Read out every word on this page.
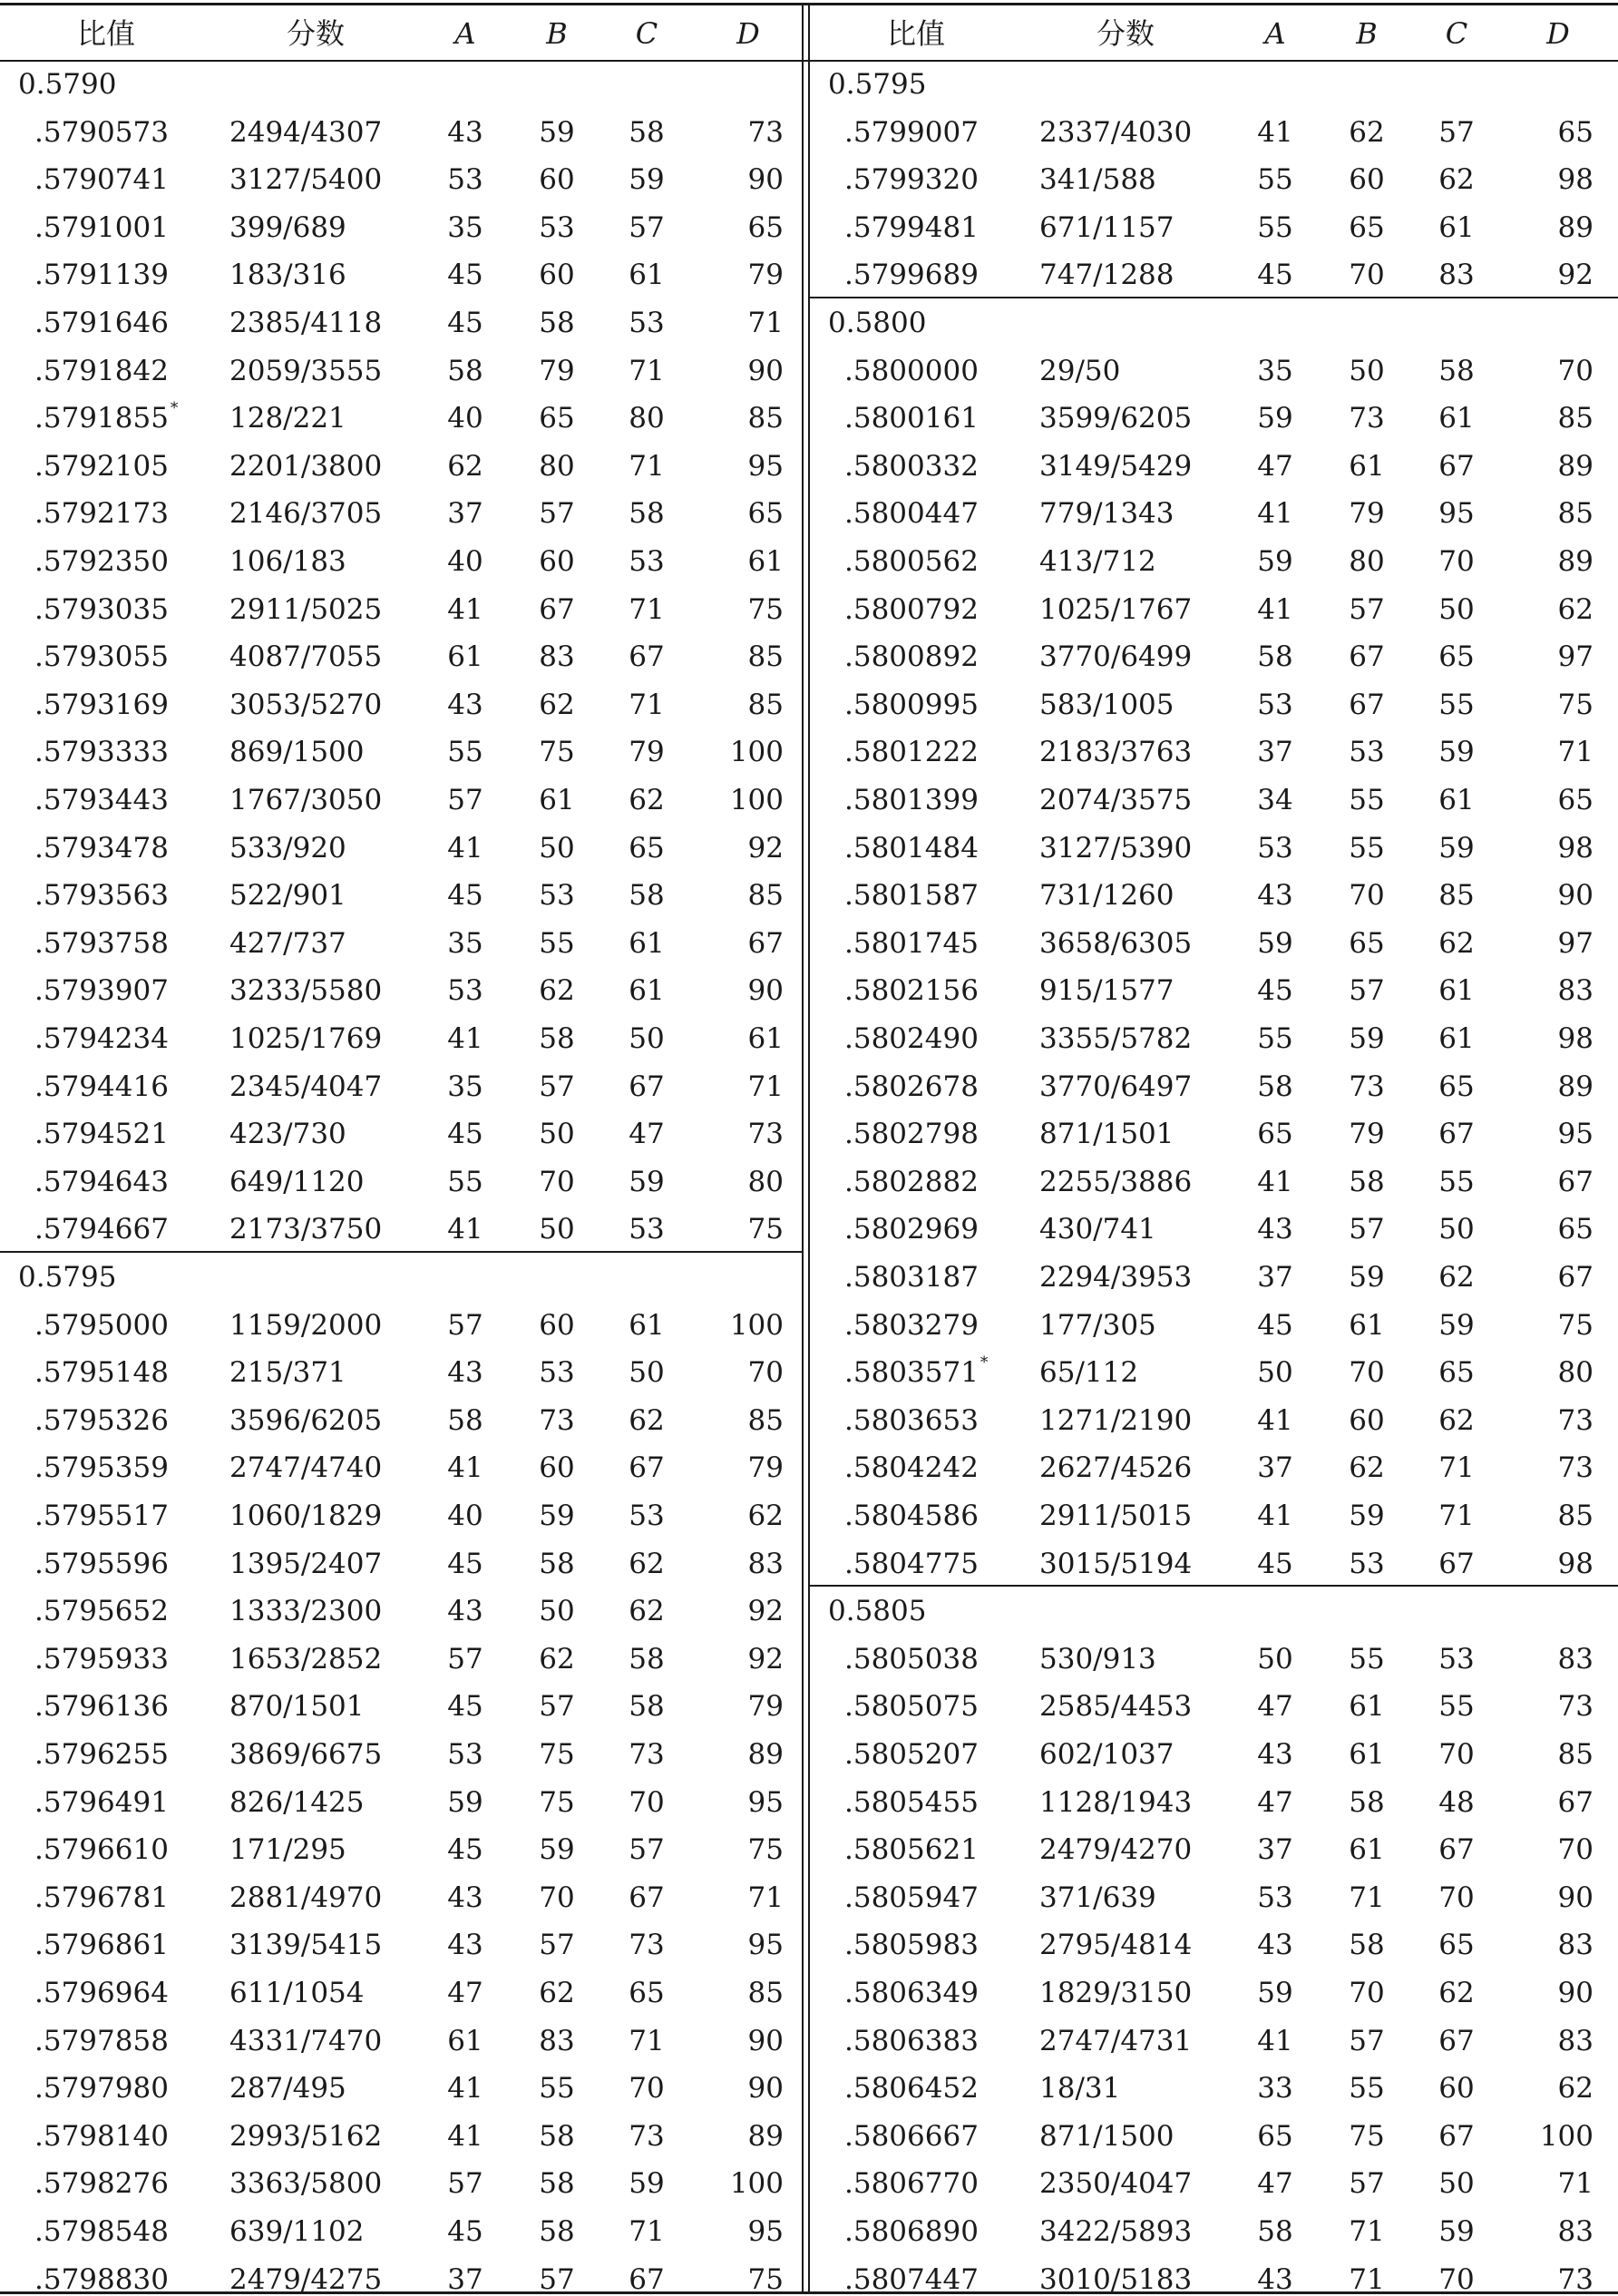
比值	分数	A	B	C	D	比值	分数	A	B	C	D
0.5790
.5790573	2494/4307	43	59	58	73
.5790741	3127/5400	53	60	59	90
.5791001	399/689	35	53	57	65
.5791139	183/316	45	60	61	79
.5791646	2385/4118	45	58	53	71
.5791842	2059/3555	58	79	71	90
.5791855 *	128/221	40	65	80	85
.5792105	2201/3800	62	80	71	95
.5792173	2146/3705	37	57	58	65
.5792350	106/183	40	60	53	61
.5793035	2911/5025	41	67	71	75
.5793055	4087/7055	61	83	67	85
.5793169	3053/5270	43	62	71	85
.5793333	869/1500	55	75	79	100
.5793443	1767/3050	57	61	62	100
.5793478	533/920	41	50	65	92
.5793563	522/901	45	53	58	85
.5793758	427/737	35	55	61	67
.5793907	3233/5580	53	62	61	90
.5794234	1025/1769	41	58	50	61
.5794416	2345/4047	35	57	67	71
.5794521	423/730	45	50	47	73
.5794643	649/1120	55	70	59	80
.5794667	2173/3750	41	50	53	75
0.5795
.5795000	1159/2000	57	60	61	100
.5795148	215/371	43	53	50	70
.5795326	3596/6205	58	73	62	85
.5795359	2747/4740	41	60	67	79
.5795517	1060/1829	40	59	53	62
.5795596	1395/2407	45	58	62	83
.5795652	1333/2300	43	50	62	92
.5795933	1653/2852	57	62	58	92
.5796136	870/1501	45	57	58	79
.5796255	3869/6675	53	75	73	89
.5796491	826/1425	59	75	70	95
.5796610	171/295	45	59	57	75
.5796781	2881/4970	43	70	67	71
.5796861	3139/5415	43	57	73	95
.5796964	611/1054	47	62	65	85
.5797858	4331/7470	61	83	71	90
.5797980	287/495	41	55	70	90
.5798140	2993/5162	41	58	73	89
.5798276	3363/5800	57	58	59	100
.5798548	639/1102	45	58	71	95
.5798830	2479/4275	37	57	67	75
0.5795
.5799007	2337/4030	41	62	57	65
.5799320	341/588	55	60	62	98
.5799481	671/1157	55	65	61	89
.5799689	747/1288	45	70	83	92
0.5800
.5800000	29/50	35	50	58	70
.5800161	3599/6205	59	73	61	85
.5800332	3149/5429	47	61	67	89
.5800447	779/1343	41	79	95	85
.5800562	413/712	59	80	70	89
.5800792	1025/1767	41	57	50	62
.5800892	3770/6499	58	67	65	97
.5800995	583/1005	53	67	55	75
.5801222	2183/3763	37	53	59	71
.5801399	2074/3575	34	55	61	65
.5801484	3127/5390	53	55	59	98
.5801587	731/1260	43	70	85	90
.5801745	3658/6305	59	65	62	97
.5802156	915/1577	45	57	61	83
.5802490	3355/5782	55	59	61	98
.5802678	3770/6497	58	73	65	89
.5802798	871/1501	65	79	67	95
.5802882	2255/3886	41	58	55	67
.5802969	430/741	43	57	50	65
.5803187	2294/3953	37	59	62	67
.5803279	177/305	45	61	59	75
.5803571 *	65/112	50	70	65	80
.5803653	1271/2190	41	60	62	73
.5804242	2627/4526	37	62	71	73
.5804586	2911/5015	41	59	71	85
.5804775	3015/5194	45	53	67	98
0.5805
.5805038	530/913	50	55	53	83
.5805075	2585/4453	47	61	55	73
.5805207	602/1037	43	61	70	85
.5805455	1128/1943	47	58	48	67
.5805621	2479/4270	37	61	67	70
.5805947	371/639	53	71	70	90
.5805983	2795/4814	43	58	65	83
.5806349	1829/3150	59	70	62	90
.5806383	2747/4731	41	57	67	83
.5806452	18/31	33	55	60	62
.5806667	871/1500	65	75	67	100
.5806770	2350/4047	47	57	50	71
.5806890	3422/5893	58	71	59	83
.5807447	3010/5183	43	71	70	73
